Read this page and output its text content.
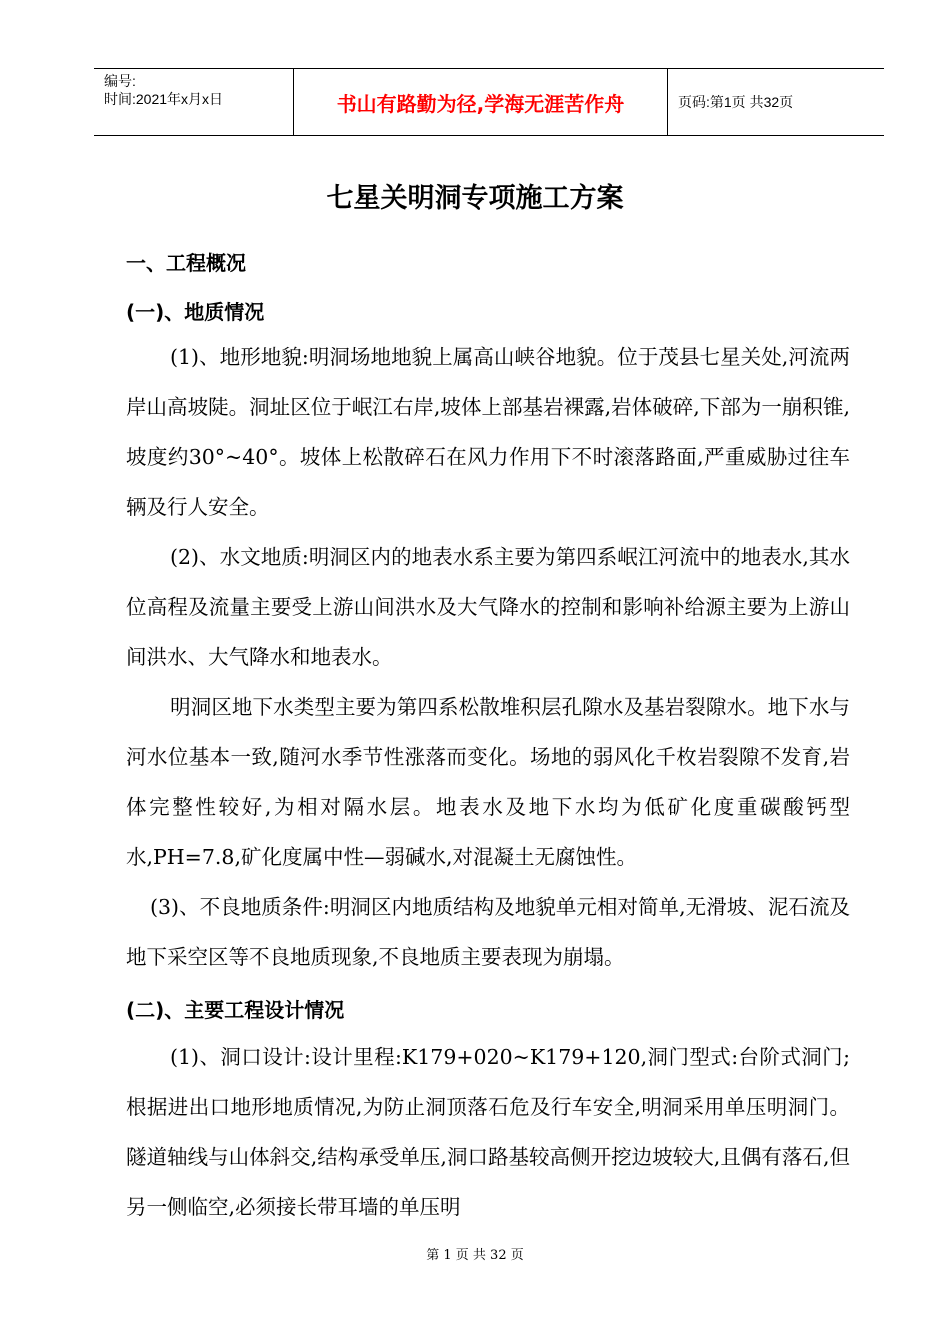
编号:
时间:2021年x月x日	书山有路勤为径,学海无涯苦作舟	页码:第1页 共32页
七星关明洞专项施工方案
一、工程概况
(一)、地质情况
(1)、地形地貌:明洞场地地貌上属高山峡谷地貌。位于茂县七星关处,河流两岸山高坡陡。洞址区位于岷江右岸,坡体上部基岩裸露,岩体破碎,下部为一崩积锥,坡度约30°~40°。坡体上松散碎石在风力作用下不时滚落路面,严重威胁过往车辆及行人安全。
(2)、水文地质:明洞区内的地表水系主要为第四系岷江河流中的地表水,其水位高程及流量主要受上游山间洪水及大气降水的控制和影响补给源主要为上游山间洪水、大气降水和地表水。
明洞区地下水类型主要为第四系松散堆积层孔隙水及基岩裂隙水。地下水与河水位基本一致,随河水季节性涨落而变化。场地的弱风化千枚岩裂隙不发育,岩体完整性较好,为相对隔水层。地表水及地下水均为低矿化度重碳酸钙型水,PH=7.8,矿化度属中性—弱碱水,对混凝土无腐蚀性。
(3)、不良地质条件:明洞区内地质结构及地貌单元相对简单,无滑坡、泥石流及地下采空区等不良地质现象,不良地质主要表现为崩塌。
(二)、主要工程设计情况
(1)、洞口设计:设计里程:K179+020~K179+120,洞门型式:台阶式洞门;根据进出口地形地质情况,为防止洞顶落石危及行车安全,明洞采用单压明洞门。隧道轴线与山体斜交,结构承受单压,洞口路基较高侧开挖边坡较大,且偶有落石,但另一侧临空,必须接长带耳墙的单压明
第 1 页 共 32 页
